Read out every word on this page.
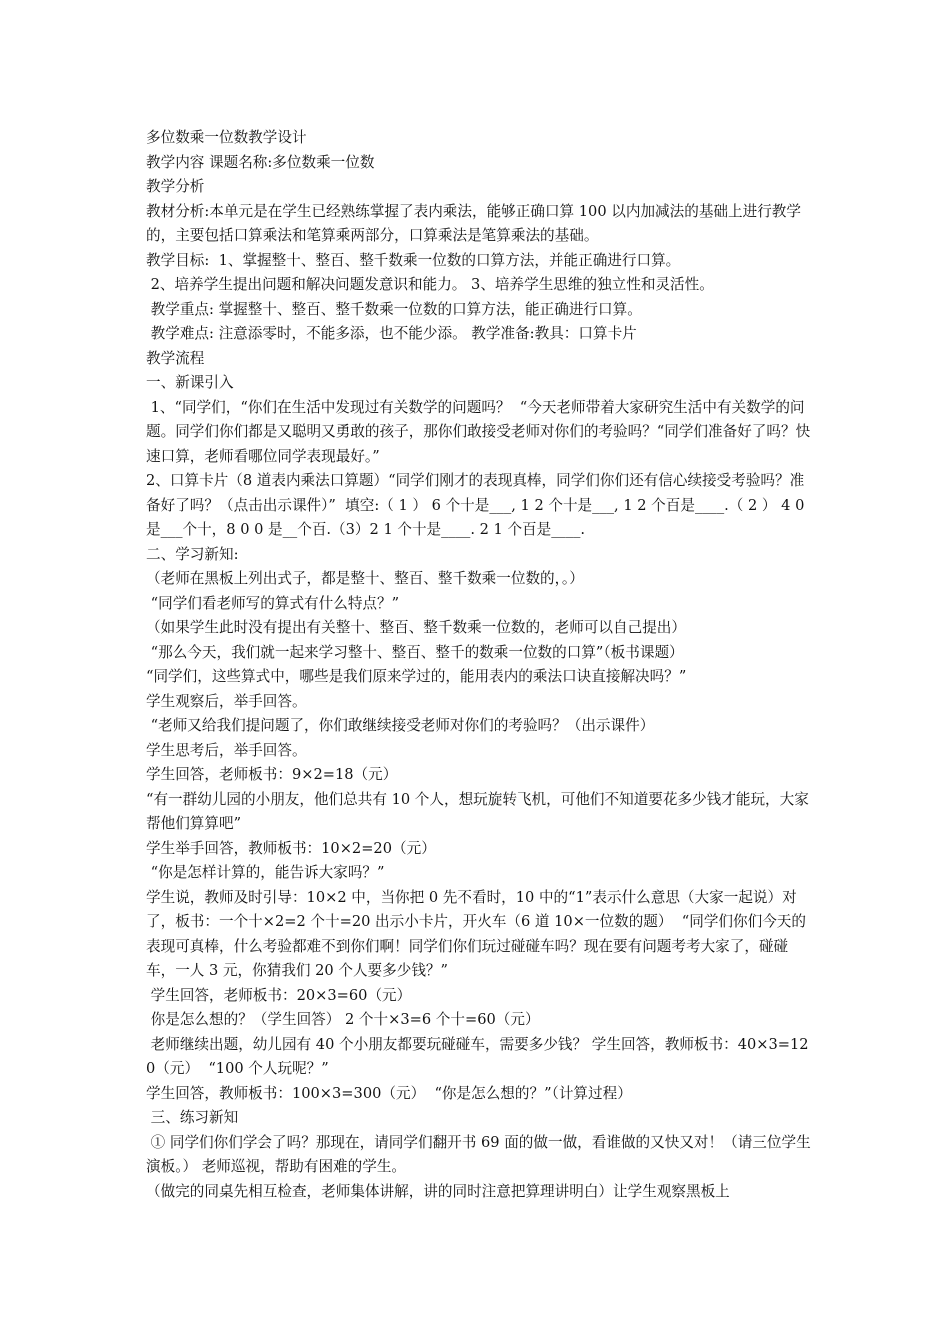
多位数乘一位数教学设计

教学内容 课题名称:多位数乘一位数

教学分析

教材分析:本单元是在学生已经熟练掌握了表内乘法，能够正确口算 100 以内加减法的基础上进行教学的，主要包括口算乘法和笔算乘两部分，口算乘法是笔算乘法的基础。

教学目标:  1、掌握整十、整百、整千数乘一位数的口算方法，并能正确进行口算。

2、培养学生提出问题和解决问题发意识和能力。 3、培养学生思维的独立性和灵活性。

教学重点: 掌握整十、整百、整千数乘一位数的口算方法，能正确进行口算。

教学难点: 注意添零时，不能多添，也不能少添。 教学准备:教具：口算卡片

教学流程

一、新课引入

1、“同学们，“你们在生活中发现过有关数学的问题吗？  “今天老师带着大家研究生活中有关数学的问题。同学们你们都是又聪明又勇敢的孩子，那你们敢接受老师对你们的考验吗？“同学们准备好了吗？快速口算，老师看哪位同学表现最好。”

2、口算卡片（8 道表内乘法口算题）“同学们刚才的表现真棒，同学们你们还有信心续接受考验吗？准备好了吗？（点击出示课件）”  填空:（ 1 ） 6 个十是___, 1 2 个十是___, 1 2 个百是____.（ 2 ） 4 0 是___个十，8 0 0 是__个百.（3）2 1 个十是____. 2 1 个百是____.

二、学习新知:

（老师在黑板上列出式子，都是整十、整百、整千数乘一位数的，。）

“同学们看老师写的算式有什么特点？”

（如果学生此时没有提出有关整十、整百、整千数乘一位数的，老师可以自己提出）

“那么今天，我们就一起来学习整十、整百、整千的数乘一位数的口算”（板书课题）

“同学们，这些算式中，哪些是我们原来学过的，能用表内的乘法口诀直接解决吗？”

学生观察后，举手回答。

“老师又给我们提问题了，你们敢继续接受老师对你们的考验吗？（出示课件）

学生思考后，举手回答。

学生回答，老师板书：9×2=18（元）

“有一群幼儿园的小朋友，他们总共有 10 个人，想玩旋转飞机，可他们不知道要花多少钱才能玩，大家帮他们算算吧”

学生举手回答，教师板书：10×2=20（元）

“你是怎样计算的，能告诉大家吗？”

学生说，教师及时引导：10×2 中，当你把 0 先不看时，10 中的“1”表示什么意思（大家一起说）对了，板书：一个十×2=2 个十=20 出示小卡片，开火车（6 道 10×一位数的题）  “同学们你们今天的表现可真棒，什么考验都难不到你们啊！同学们你们玩过碰碰车吗？现在要有问题考考大家了，碰碰车，一人 3 元，你猜我们 20 个人要多少钱？”

学生回答，老师板书：20×3=60（元）

你是怎么想的？（学生回答） 2 个十×3=6 个十=60（元）

老师继续出题，幼儿园有 40 个小朋友都要玩碰碰车，需要多少钱？ 学生回答，教师板书：40×3=120（元）  “100 个人玩呢？”

学生回答，教师板书：100×3=300（元）  “你是怎么想的？”（计算过程）

三、练习新知

① 同学们你们学会了吗？那现在，请同学们翻开书 69 面的做一做，看谁做的又快又对！（请三位学生演板。） 老师巡视，帮助有困难的学生。

（做完的同桌先相互检查，老师集体讲解，讲的同时注意把算理讲明白）让学生观察黑板上
